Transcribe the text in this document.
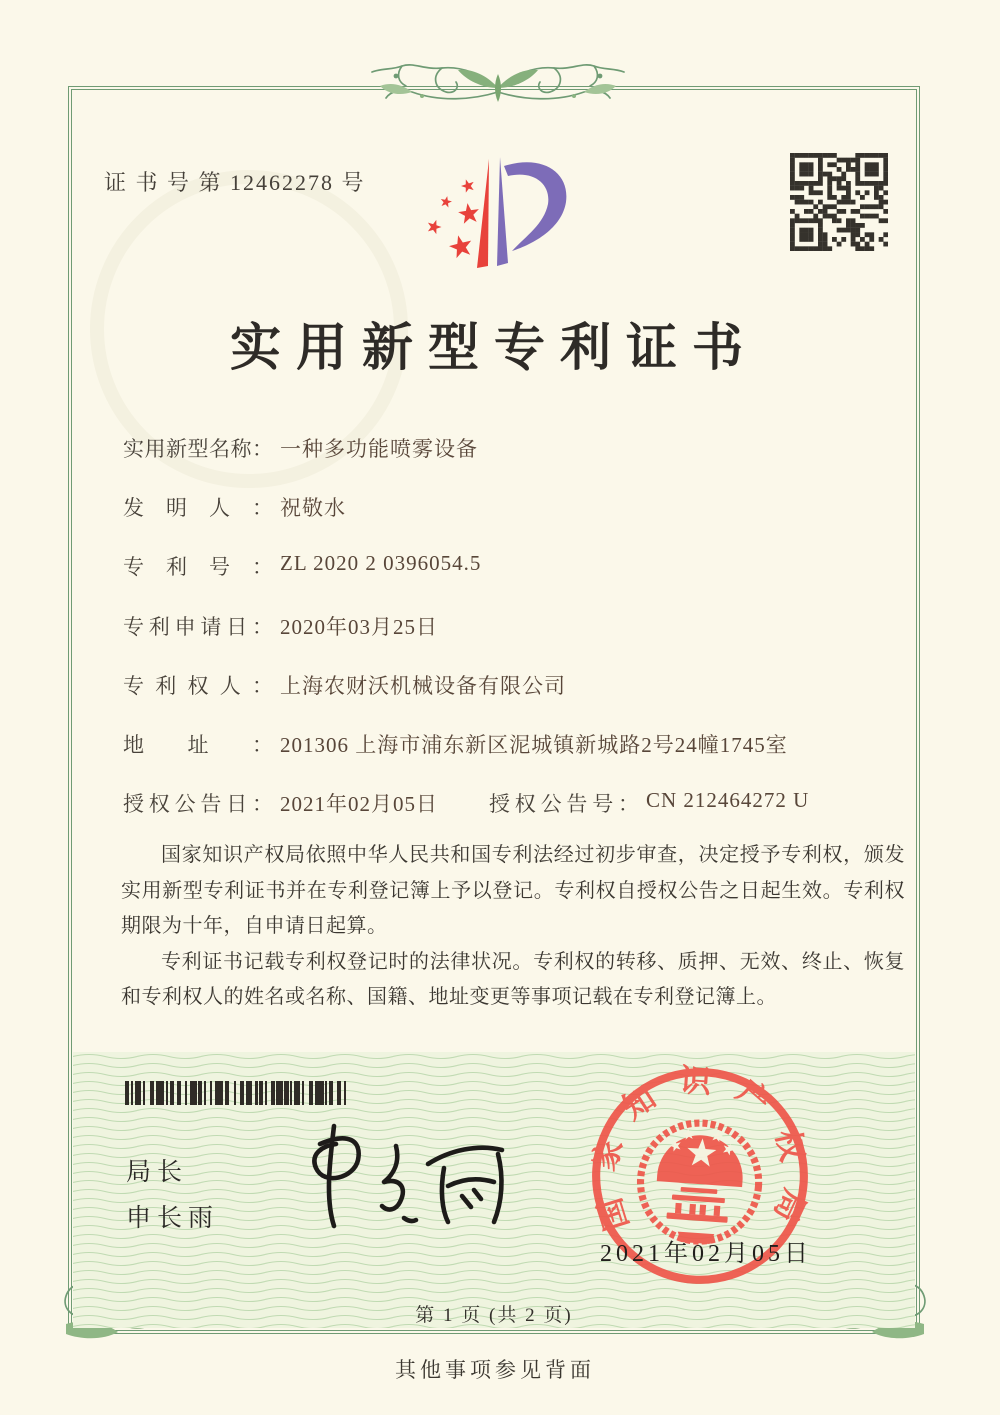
证 书 号 第 12462278 号
实用新型专利证书
实用新型名称： 一种多功能喷雾设备
发明人： 祝敬水
专利号： ZL 2020 2 0396054.5
专利申请日： 2020年03月25日
专利权人： 上海农财沃机械设备有限公司
地址： 201306 上海市浦东新区泥城镇新城路2号24幢1745室
授权公告日： 2021年02月05日 授权公告号： CN 212464272 U

国家知识产权局依照中华人民共和国专利法经过初步审查，决定授予专利权，颁发实用新型专利证书并在专利登记簿上予以登记。专利权自授权公告之日起生效。专利权期限为十年，自申请日起算。

专利证书记载专利权登记时的法律状况。专利权的转移、质押、无效、终止、恢复和专利权人的姓名或名称、国籍、地址变更等事项记载在专利登记簿上。

局长
申长雨	国家知识产权局
2021年02月05日
第 1 页 (共 2 页)
其他事项参见背面
